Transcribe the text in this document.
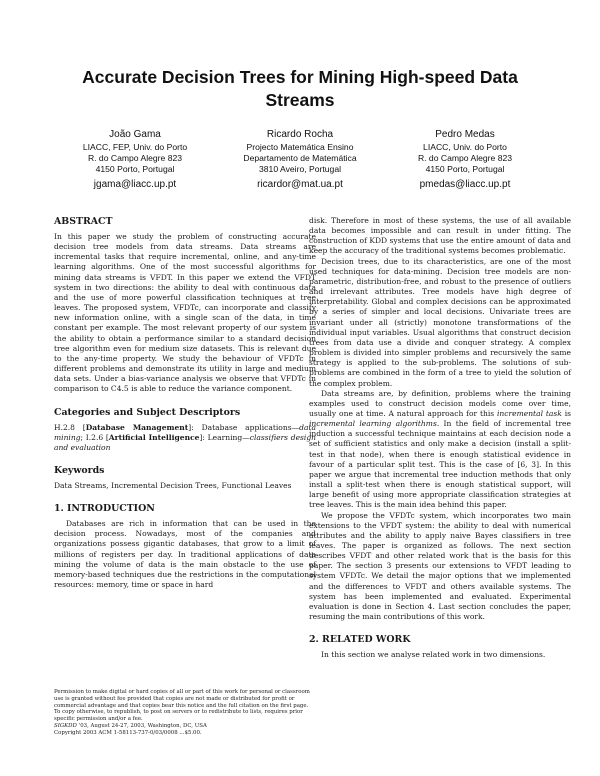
Accurate Decision Trees for Mining High-speed Data Streams
João Gama
LIACC, FEP, Univ. do Porto
R. do Campo Alegre 823
4150 Porto, Portugal
jgama@liacc.up.pt
Ricardo Rocha
Projecto Matemática Ensino
Departamento de Matemática
3810 Aveiro, Portugal
ricardor@mat.ua.pt
Pedro Medas
LIACC, Univ. do Porto
R. do Campo Alegre 823
4150 Porto, Portugal
pmedas@liacc.up.pt
ABSTRACT

In this paper we study the problem of constructing accurate decision tree models from data streams. Data streams are incremental tasks that require incremental, online, and any-time learning algorithms. One of the most successful algorithms for mining data streams is VFDT. In this paper we extend the VFDT system in two directions: the ability to deal with continuous data and the use of more powerful classification techniques at tree leaves. The proposed system, VFDTc, can incorporate and classify new information online, with a single scan of the data, in time constant per example. The most relevant property of our system is the ability to obtain a performance similar to a standard decision tree algorithm even for medium size datasets. This is relevant due to the any-time property. We study the behaviour of VFDTc in different problems and demonstrate its utility in large and medium data sets. Under a bias-variance analysis we observe that VFDTc in comparison to C4.5 is able to reduce the variance component.

Categories and Subject Descriptors

H.2.8 [Database Management]: Database applications—data mining; I.2.6 [Artificial Intelligence]: Learning—classifiers design and evaluation

Keywords

Data Streams, Incremental Decision Trees, Functional Leaves

1. INTRODUCTION

Databases are rich in information that can be used in the decision process. Nowadays, most of the companies and organizations possess gigantic databases, that grow to a limit of millions of registers per day. In traditional applications of data mining the volume of data is the main obstacle to the use of memory-based techniques due the restrictions in the computational resources: memory, time or space in hard

Permission to make digital or hard copies of all or part of this work for personal or classroom use is granted without fee provided that copies are not made or distributed for profit or commercial advantage and that copies bear this notice and the full citation on the first page. To copy otherwise, to republish, to post on servers or to redistribute to lists, requires prior specific permission and/or a fee.

SIGKDD ’03, August 24-27, 2003, Washington, DC, USA

Copyright 2003 ACM 1-58113-737-0/03/0008 ...$5.00.

disk. Therefore in most of these systems, the use of all available data becomes impossible and can result in under fitting. The construction of KDD systems that use the entire amount of data and keep the accuracy of the traditional systems becomes problematic.

Decision trees, due to its characteristics, are one of the most used techniques for data-mining. Decision tree models are non-parametric, distribution-free, and robust to the presence of outliers and irrelevant attributes. Tree models have high degree of interpretability. Global and complex decisions can be approximated by a series of simpler and local decisions. Univariate trees are invariant under all (strictly) monotone transformations of the individual input variables. Usual algorithms that construct decision trees from data use a divide and conquer strategy. A complex problem is divided into simpler problems and recursively the same strategy is applied to the sub-problems. The solutions of sub-problems are combined in the form of a tree to yield the solution of the complex problem.

Data streams are, by definition, problems where the training examples used to construct decision models come over time, usually one at time. A natural approach for this incremental task is incremental learning algorithms. In the field of incremental tree induction a successful technique maintains at each decision node a set of sufficient statistics and only make a decision (install a split-test in that node), when there is enough statistical evidence in favour of a particular split test. This is the case of [6, 3]. In this paper we argue that incremental tree induction methods that only install a split-test when there is enough statistical support, will large benefit of using more appropriate classification strategies at tree leaves. This is the main idea behind this paper.

We propose the VFDTc system, which incorporates two main extensions to the VFDT system: the ability to deal with numerical attributes and the ability to apply naive Bayes classifiers in tree leaves. The paper is organized as follows. The next section describes VFDT and other related work that is the basis for this paper. The section 3 presents our extensions to VFDT leading to system VFDTc. We detail the major options that we implemented and the differences to VFDT and others available systems. The system has been implemented and evaluated. Experimental evaluation is done in Section 4. Last section concludes the paper, resuming the main contributions of this work.

2. RELATED WORK

In this section we analyse related work in two dimensions.
